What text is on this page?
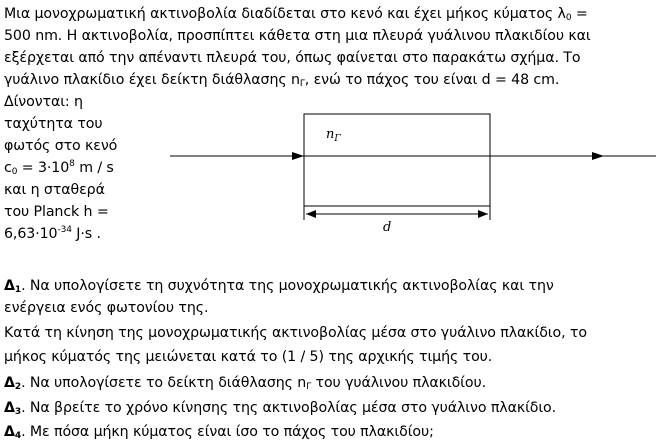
Μια μονοχρωματική ακτινοβολία διαδίδεται στο κενό και έχει μήκος κύματος $\lambda_0$ =
500 nm. Η ακτινοβολία, προσπίπτει κάθετα στη μια πλευρά γυάλινου πλακιδίου και
εξέρχεται από την απέναντι πλευρά του, όπως φαίνεται στο παρακάτω σχήμα. Το
γυάλινο πλακίδιο έχει δείκτη διάθλασης $n_\Gamma$, ενώ το πάχος του είναι d = 48 cm.
Δίνονται: η
ταχύτητα του
φωτός στο κενό
$c_0 = 3\cdot 10^8$ m / s
και η σταθερά
του Planck h =
$6,63\cdot 10^{-34}$ J·s .
$n_\Gamma$
d
$\Delta_1$. Να υπολογίσετε τη συχνότητα της μονοχρωματικής ακτινοβολίας και την
ενέργεια ενός φωτονίου της.
Κατά τη κίνηση της μονοχρωματικής ακτινοβολίας μέσα στο γυάλινο πλακίδιο, το
μήκος κύματός της μειώνεται κατά το (1 / 5) της αρχικής τιμής του.
$\Delta_2$. Να υπολογίσετε το δείκτη διάθλασης $n_\Gamma$ του γυάλινου πλακιδίου.
$\Delta_3$. Να βρείτε το χρόνο κίνησης της ακτινοβολίας μέσα στο γυάλινο πλακίδιο.
$\Delta_4$. Με πόσα μήκη κύματος είναι ίσο το πάχος του πλακιδίου;
